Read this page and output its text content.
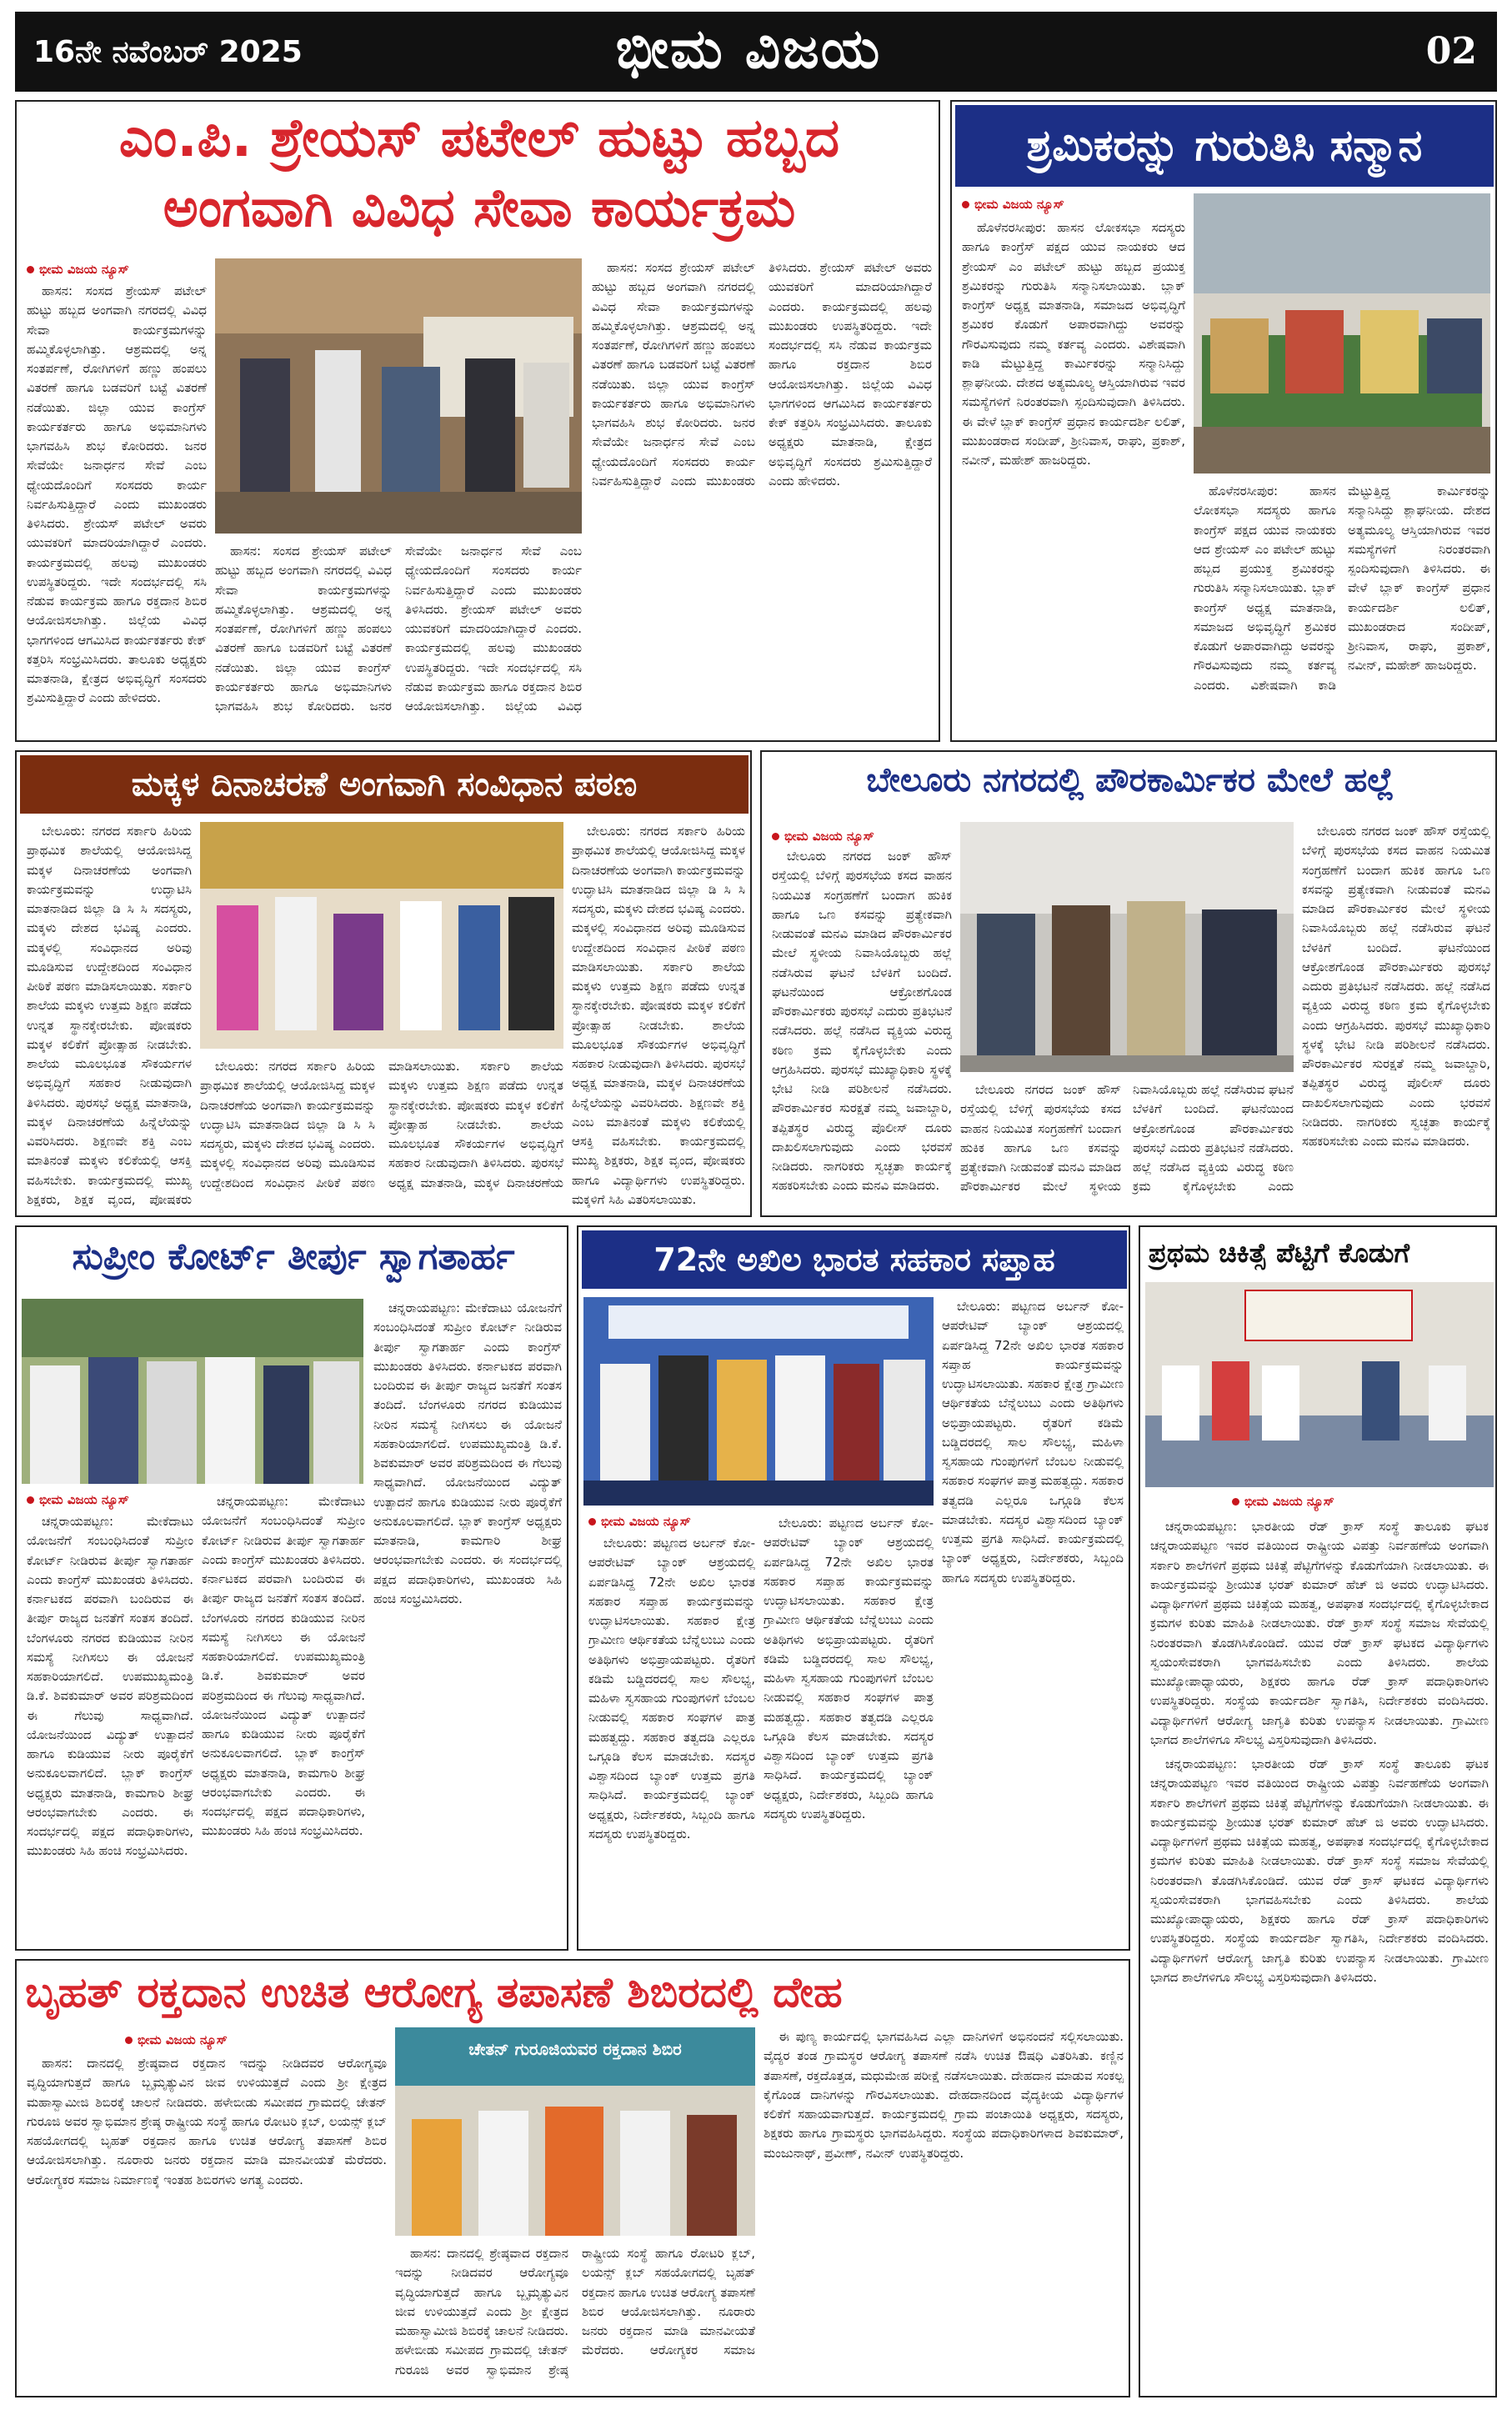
16ನೇ ನವೆಂಬರ್ 2025	ಭೀಮ ವಿಜಯ	02
ಎಂ.ಪಿ. ಶ್ರೇಯಸ್ ಪಟೇಲ್ ಹುಟ್ಟು ಹಬ್ಬದ
ಅಂಗವಾಗಿ ವಿವಿಧ ಸೇವಾ ಕಾರ್ಯಕ್ರಮ
ಭೀಮ ವಿಜಯ ನ್ಯೂಸ್

ಹಾಸನ: ಸಂಸದ ಶ್ರೇಯಸ್ ಪಟೇಲ್ ಹುಟ್ಟು ಹಬ್ಬದ ಅಂಗವಾಗಿ ನಗರದಲ್ಲಿ ವಿವಿಧ ಸೇವಾ ಕಾರ್ಯಕ್ರಮಗಳನ್ನು ಹಮ್ಮಿಕೊಳ್ಳಲಾಗಿತ್ತು. ಆಶ್ರಮದಲ್ಲಿ ಅನ್ನ ಸಂತರ್ಪಣೆ, ರೋಗಿಗಳಿಗೆ ಹಣ್ಣು ಹಂಪಲು ವಿತರಣೆ ಹಾಗೂ ಬಡವರಿಗೆ ಬಟ್ಟೆ ವಿತರಣೆ ನಡೆಯಿತು. ಜಿಲ್ಲಾ ಯುವ ಕಾಂಗ್ರೆಸ್ ಕಾರ್ಯಕರ್ತರು ಹಾಗೂ ಅಭಿಮಾನಿಗಳು ಭಾಗವಹಿಸಿ ಶುಭ ಕೋರಿದರು. ಜನರ ಸೇವೆಯೇ ಜನಾರ್ಧನ ಸೇವೆ ಎಂಬ ಧ್ಯೇಯದೊಂದಿಗೆ ಸಂಸದರು ಕಾರ್ಯ ನಿರ್ವಹಿಸುತ್ತಿದ್ದಾರೆ ಎಂದು ಮುಖಂಡರು ತಿಳಿಸಿದರು. ಶ್ರೇಯಸ್ ಪಟೇಲ್ ಅವರು ಯುವಕರಿಗೆ ಮಾದರಿಯಾಗಿದ್ದಾರೆ ಎಂದರು. ಕಾರ್ಯಕ್ರಮದಲ್ಲಿ ಹಲವು ಮುಖಂಡರು ಉಪಸ್ಥಿತರಿದ್ದರು. ಇದೇ ಸಂದರ್ಭದಲ್ಲಿ ಸಸಿ ನೆಡುವ ಕಾರ್ಯಕ್ರಮ ಹಾಗೂ ರಕ್ತದಾನ ಶಿಬಿರ ಆಯೋಜಿಸಲಾಗಿತ್ತು. ಜಿಲ್ಲೆಯ ವಿವಿಧ ಭಾಗಗಳಿಂದ ಆಗಮಿಸಿದ ಕಾರ್ಯಕರ್ತರು ಕೇಕ್ ಕತ್ತರಿಸಿ ಸಂಭ್ರಮಿಸಿದರು. ತಾಲೂಕು ಅಧ್ಯಕ್ಷರು ಮಾತನಾಡಿ, ಕ್ಷೇತ್ರದ ಅಭಿವೃದ್ಧಿಗೆ ಸಂಸದರು ಶ್ರಮಿಸುತ್ತಿದ್ದಾರೆ ಎಂದು ಹೇಳಿದರು.

ಹಾಸನ: ಸಂಸದ ಶ್ರೇಯಸ್ ಪಟೇಲ್ ಹುಟ್ಟು ಹಬ್ಬದ ಅಂಗವಾಗಿ ನಗರದಲ್ಲಿ ವಿವಿಧ ಸೇವಾ ಕಾರ್ಯಕ್ರಮಗಳನ್ನು ಹಮ್ಮಿಕೊಳ್ಳಲಾಗಿತ್ತು. ಆಶ್ರಮದಲ್ಲಿ ಅನ್ನ ಸಂತರ್ಪಣೆ, ರೋಗಿಗಳಿಗೆ ಹಣ್ಣು ಹಂಪಲು ವಿತರಣೆ ಹಾಗೂ ಬಡವರಿಗೆ ಬಟ್ಟೆ ವಿತರಣೆ ನಡೆಯಿತು. ಜಿಲ್ಲಾ ಯುವ ಕಾಂಗ್ರೆಸ್ ಕಾರ್ಯಕರ್ತರು ಹಾಗೂ ಅಭಿಮಾನಿಗಳು ಭಾಗವಹಿಸಿ ಶುಭ ಕೋರಿದರು. ಜನರ ಸೇವೆಯೇ ಜನಾರ್ಧನ ಸೇವೆ ಎಂಬ ಧ್ಯೇಯದೊಂದಿಗೆ ಸಂಸದರು ಕಾರ್ಯ ನಿರ್ವಹಿಸುತ್ತಿದ್ದಾರೆ ಎಂದು ಮುಖಂಡರು ತಿಳಿಸಿದರು. ಶ್ರೇಯಸ್ ಪಟೇಲ್ ಅವರು ಯುವಕರಿಗೆ ಮಾದರಿಯಾಗಿದ್ದಾರೆ ಎಂದರು. ಕಾರ್ಯಕ್ರಮದಲ್ಲಿ ಹಲವು ಮುಖಂಡರು ಉಪಸ್ಥಿತರಿದ್ದರು. ಇದೇ ಸಂದರ್ಭದಲ್ಲಿ ಸಸಿ ನೆಡುವ ಕಾರ್ಯಕ್ರಮ ಹಾಗೂ ರಕ್ತದಾನ ಶಿಬಿರ ಆಯೋಜಿಸಲಾಗಿತ್ತು. ಜಿಲ್ಲೆಯ ವಿವಿಧ

ಹಾಸನ: ಸಂಸದ ಶ್ರೇಯಸ್ ಪಟೇಲ್ ಹುಟ್ಟು ಹಬ್ಬದ ಅಂಗವಾಗಿ ನಗರದಲ್ಲಿ ವಿವಿಧ ಸೇವಾ ಕಾರ್ಯಕ್ರಮಗಳನ್ನು ಹಮ್ಮಿಕೊಳ್ಳಲಾಗಿತ್ತು. ಆಶ್ರಮದಲ್ಲಿ ಅನ್ನ ಸಂತರ್ಪಣೆ, ರೋಗಿಗಳಿಗೆ ಹಣ್ಣು ಹಂಪಲು ವಿತರಣೆ ಹಾಗೂ ಬಡವರಿಗೆ ಬಟ್ಟೆ ವಿತರಣೆ ನಡೆಯಿತು. ಜಿಲ್ಲಾ ಯುವ ಕಾಂಗ್ರೆಸ್ ಕಾರ್ಯಕರ್ತರು ಹಾಗೂ ಅಭಿಮಾನಿಗಳು ಭಾಗವಹಿಸಿ ಶುಭ ಕೋರಿದರು. ಜನರ ಸೇವೆಯೇ ಜನಾರ್ಧನ ಸೇವೆ ಎಂಬ ಧ್ಯೇಯದೊಂದಿಗೆ ಸಂಸದರು ಕಾರ್ಯ ನಿರ್ವಹಿಸುತ್ತಿದ್ದಾರೆ ಎಂದು ಮುಖಂಡರು ತಿಳಿಸಿದರು. ಶ್ರೇಯಸ್ ಪಟೇಲ್ ಅವರು ಯುವಕರಿಗೆ ಮಾದರಿಯಾಗಿದ್ದಾರೆ ಎಂದರು. ಕಾರ್ಯಕ್ರಮದಲ್ಲಿ ಹಲವು ಮುಖಂಡರು ಉಪಸ್ಥಿತರಿದ್ದರು. ಇದೇ ಸಂದರ್ಭದಲ್ಲಿ ಸಸಿ ನೆಡುವ ಕಾರ್ಯಕ್ರಮ ಹಾಗೂ ರಕ್ತದಾನ ಶಿಬಿರ ಆಯೋಜಿಸಲಾಗಿತ್ತು. ಜಿಲ್ಲೆಯ ವಿವಿಧ ಭಾಗಗಳಿಂದ ಆಗಮಿಸಿದ ಕಾರ್ಯಕರ್ತರು ಕೇಕ್ ಕತ್ತರಿಸಿ ಸಂಭ್ರಮಿಸಿದರು. ತಾಲೂಕು ಅಧ್ಯಕ್ಷರು ಮಾತನಾಡಿ, ಕ್ಷೇತ್ರದ ಅಭಿವೃದ್ಧಿಗೆ ಸಂಸದರು ಶ್ರಮಿಸುತ್ತಿದ್ದಾರೆ ಎಂದು ಹೇಳಿದರು.

ಶ್ರಮಿಕರನ್ನು ಗುರುತಿಸಿ ಸನ್ಮಾನ
ಭೀಮ ವಿಜಯ ನ್ಯೂಸ್

ಹೊಳೆನರಸೀಪುರ: ಹಾಸನ ಲೋಕಸಭಾ ಸದಸ್ಯರು ಹಾಗೂ ಕಾಂಗ್ರೆಸ್ ಪಕ್ಷದ ಯುವ ನಾಯಕರು ಆದ ಶ್ರೇಯಸ್ ಎಂ ಪಟೇಲ್ ಹುಟ್ಟು ಹಬ್ಬದ ಪ್ರಯುಕ್ತ ಶ್ರಮಿಕರನ್ನು ಗುರುತಿಸಿ ಸನ್ಮಾನಿಸಲಾಯಿತು. ಬ್ಲಾಕ್ ಕಾಂಗ್ರೆಸ್ ಅಧ್ಯಕ್ಷ ಮಾತನಾಡಿ, ಸಮಾಜದ ಅಭಿವೃದ್ಧಿಗೆ ಶ್ರಮಿಕರ ಕೊಡುಗೆ ಅಪಾರವಾಗಿದ್ದು ಅವರನ್ನು ಗೌರವಿಸುವುದು ನಮ್ಮ ಕರ್ತವ್ಯ ಎಂದರು. ವಿಶೇಷವಾಗಿ ಕಾಡಿ ಮೆಟ್ಟುತ್ತಿದ್ದ ಕಾರ್ಮಿಕರನ್ನು ಸನ್ಮಾನಿಸಿದ್ದು ಶ್ಲಾಘನೀಯ. ದೇಶದ ಅತ್ಯಮೂಲ್ಯ ಆಸ್ತಿಯಾಗಿರುವ ಇವರ ಸಮಸ್ಯೆಗಳಿಗೆ ನಿರಂತರವಾಗಿ ಸ್ಪಂದಿಸುವುದಾಗಿ ತಿಳಿಸಿದರು. ಈ ವೇಳೆ ಬ್ಲಾಕ್ ಕಾಂಗ್ರೆಸ್ ಪ್ರಧಾನ ಕಾರ್ಯದರ್ಶಿ ಲಲಿತ್, ಮುಖಂಡರಾದ ಸಂದೀಪ್, ಶ್ರೀನಿವಾಸ, ರಾಘು, ಪ್ರಕಾಶ್, ನವೀನ್, ಮಹೇಶ್ ಹಾಜರಿದ್ದರು.

ಹೊಳೆನರಸೀಪುರ: ಹಾಸನ ಲೋಕಸಭಾ ಸದಸ್ಯರು ಹಾಗೂ ಕಾಂಗ್ರೆಸ್ ಪಕ್ಷದ ಯುವ ನಾಯಕರು ಆದ ಶ್ರೇಯಸ್ ಎಂ ಪಟೇಲ್ ಹುಟ್ಟು ಹಬ್ಬದ ಪ್ರಯುಕ್ತ ಶ್ರಮಿಕರನ್ನು ಗುರುತಿಸಿ ಸನ್ಮಾನಿಸಲಾಯಿತು. ಬ್ಲಾಕ್ ಕಾಂಗ್ರೆಸ್ ಅಧ್ಯಕ್ಷ ಮಾತನಾಡಿ, ಸಮಾಜದ ಅಭಿವೃದ್ಧಿಗೆ ಶ್ರಮಿಕರ ಕೊಡುಗೆ ಅಪಾರವಾಗಿದ್ದು ಅವರನ್ನು ಗೌರವಿಸುವುದು ನಮ್ಮ ಕರ್ತವ್ಯ ಎಂದರು. ವಿಶೇಷವಾಗಿ ಕಾಡಿ ಮೆಟ್ಟುತ್ತಿದ್ದ ಕಾರ್ಮಿಕರನ್ನು ಸನ್ಮಾನಿಸಿದ್ದು ಶ್ಲಾಘನೀಯ. ದೇಶದ ಅತ್ಯಮೂಲ್ಯ ಆಸ್ತಿಯಾಗಿರುವ ಇವರ ಸಮಸ್ಯೆಗಳಿಗೆ ನಿರಂತರವಾಗಿ ಸ್ಪಂದಿಸುವುದಾಗಿ ತಿಳಿಸಿದರು. ಈ ವೇಳೆ ಬ್ಲಾಕ್ ಕಾಂಗ್ರೆಸ್ ಪ್ರಧಾನ ಕಾರ್ಯದರ್ಶಿ ಲಲಿತ್, ಮುಖಂಡರಾದ ಸಂದೀಪ್, ಶ್ರೀನಿವಾಸ, ರಾಘು, ಪ್ರಕಾಶ್, ನವೀನ್, ಮಹೇಶ್ ಹಾಜರಿದ್ದರು.

ಮಕ್ಕಳ ದಿನಾಚರಣೆ ಅಂಗವಾಗಿ ಸಂವಿಧಾನ ಪಠಣ

ಬೇಲೂರು: ನಗರದ ಸರ್ಕಾರಿ ಹಿರಿಯ ಪ್ರಾಥಮಿಕ ಶಾಲೆಯಲ್ಲಿ ಆಯೋಜಿಸಿದ್ದ ಮಕ್ಕಳ ದಿನಾಚರಣೆಯ ಅಂಗವಾಗಿ ಕಾರ್ಯಕ್ರಮವನ್ನು ಉದ್ಘಾಟಿಸಿ ಮಾತನಾಡಿದ ಜಿಲ್ಲಾ ಡಿ ಸಿ ಸಿ ಸದಸ್ಯರು, ಮಕ್ಕಳು ದೇಶದ ಭವಿಷ್ಯ ಎಂದರು. ಮಕ್ಕಳಲ್ಲಿ ಸಂವಿಧಾನದ ಅರಿವು ಮೂಡಿಸುವ ಉದ್ದೇಶದಿಂದ ಸಂವಿಧಾನ ಪೀಠಿಕೆ ಪಠಣ ಮಾಡಿಸಲಾಯಿತು. ಸರ್ಕಾರಿ ಶಾಲೆಯ ಮಕ್ಕಳು ಉತ್ತಮ ಶಿಕ್ಷಣ ಪಡೆದು ಉನ್ನತ ಸ್ಥಾನಕ್ಕೇರಬೇಕು. ಪೋಷಕರು ಮಕ್ಕಳ ಕಲಿಕೆಗೆ ಪ್ರೋತ್ಸಾಹ ನೀಡಬೇಕು. ಶಾಲೆಯ ಮೂಲಭೂತ ಸೌಕರ್ಯಗಳ ಅಭಿವೃದ್ಧಿಗೆ ಸಹಕಾರ ನೀಡುವುದಾಗಿ ತಿಳಿಸಿದರು. ಪುರಸಭೆ ಅಧ್ಯಕ್ಷ ಮಾತನಾಡಿ, ಮಕ್ಕಳ ದಿನಾಚರಣೆಯ ಹಿನ್ನೆಲೆಯನ್ನು ವಿವರಿಸಿದರು. ಶಿಕ್ಷಣವೇ ಶಕ್ತಿ ಎಂಬ ಮಾತಿನಂತೆ ಮಕ್ಕಳು ಕಲಿಕೆಯಲ್ಲಿ ಆಸಕ್ತಿ ವಹಿಸಬೇಕು. ಕಾರ್ಯಕ್ರಮದಲ್ಲಿ ಮುಖ್ಯ ಶಿಕ್ಷಕರು, ಶಿಕ್ಷಕ ವೃಂದ, ಪೋಷಕರು

ಬೇಲೂರು: ನಗರದ ಸರ್ಕಾರಿ ಹಿರಿಯ ಪ್ರಾಥಮಿಕ ಶಾಲೆಯಲ್ಲಿ ಆಯೋಜಿಸಿದ್ದ ಮಕ್ಕಳ ದಿನಾಚರಣೆಯ ಅಂಗವಾಗಿ ಕಾರ್ಯಕ್ರಮವನ್ನು ಉದ್ಘಾಟಿಸಿ ಮಾತನಾಡಿದ ಜಿಲ್ಲಾ ಡಿ ಸಿ ಸಿ ಸದಸ್ಯರು, ಮಕ್ಕಳು ದೇಶದ ಭವಿಷ್ಯ ಎಂದರು. ಮಕ್ಕಳಲ್ಲಿ ಸಂವಿಧಾನದ ಅರಿವು ಮೂಡಿಸುವ ಉದ್ದೇಶದಿಂದ ಸಂವಿಧಾನ ಪೀಠಿಕೆ ಪಠಣ ಮಾಡಿಸಲಾಯಿತು. ಸರ್ಕಾರಿ ಶಾಲೆಯ ಮಕ್ಕಳು ಉತ್ತಮ ಶಿಕ್ಷಣ ಪಡೆದು ಉನ್ನತ ಸ್ಥಾನಕ್ಕೇರಬೇಕು. ಪೋಷಕರು ಮಕ್ಕಳ ಕಲಿಕೆಗೆ ಪ್ರೋತ್ಸಾಹ ನೀಡಬೇಕು. ಶಾಲೆಯ ಮೂಲಭೂತ ಸೌಕರ್ಯಗಳ ಅಭಿವೃದ್ಧಿಗೆ ಸಹಕಾರ ನೀಡುವುದಾಗಿ ತಿಳಿಸಿದರು. ಪುರಸಭೆ ಅಧ್ಯಕ್ಷ ಮಾತನಾಡಿ, ಮಕ್ಕಳ ದಿನಾಚರಣೆಯ

ಬೇಲೂರು: ನಗರದ ಸರ್ಕಾರಿ ಹಿರಿಯ ಪ್ರಾಥಮಿಕ ಶಾಲೆಯಲ್ಲಿ ಆಯೋಜಿಸಿದ್ದ ಮಕ್ಕಳ ದಿನಾಚರಣೆಯ ಅಂಗವಾಗಿ ಕಾರ್ಯಕ್ರಮವನ್ನು ಉದ್ಘಾಟಿಸಿ ಮಾತನಾಡಿದ ಜಿಲ್ಲಾ ಡಿ ಸಿ ಸಿ ಸದಸ್ಯರು, ಮಕ್ಕಳು ದೇಶದ ಭವಿಷ್ಯ ಎಂದರು. ಮಕ್ಕಳಲ್ಲಿ ಸಂವಿಧಾನದ ಅರಿವು ಮೂಡಿಸುವ ಉದ್ದೇಶದಿಂದ ಸಂವಿಧಾನ ಪೀಠಿಕೆ ಪಠಣ ಮಾಡಿಸಲಾಯಿತು. ಸರ್ಕಾರಿ ಶಾಲೆಯ ಮಕ್ಕಳು ಉತ್ತಮ ಶಿಕ್ಷಣ ಪಡೆದು ಉನ್ನತ ಸ್ಥಾನಕ್ಕೇರಬೇಕು. ಪೋಷಕರು ಮಕ್ಕಳ ಕಲಿಕೆಗೆ ಪ್ರೋತ್ಸಾಹ ನೀಡಬೇಕು. ಶಾಲೆಯ ಮೂಲಭೂತ ಸೌಕರ್ಯಗಳ ಅಭಿವೃದ್ಧಿಗೆ ಸಹಕಾರ ನೀಡುವುದಾಗಿ ತಿಳಿಸಿದರು. ಪುರಸಭೆ ಅಧ್ಯಕ್ಷ ಮಾತನಾಡಿ, ಮಕ್ಕಳ ದಿನಾಚರಣೆಯ ಹಿನ್ನೆಲೆಯನ್ನು ವಿವರಿಸಿದರು. ಶಿಕ್ಷಣವೇ ಶಕ್ತಿ ಎಂಬ ಮಾತಿನಂತೆ ಮಕ್ಕಳು ಕಲಿಕೆಯಲ್ಲಿ ಆಸಕ್ತಿ ವಹಿಸಬೇಕು. ಕಾರ್ಯಕ್ರಮದಲ್ಲಿ ಮುಖ್ಯ ಶಿಕ್ಷಕರು, ಶಿಕ್ಷಕ ವೃಂದ, ಪೋಷಕರು ಹಾಗೂ ವಿದ್ಯಾರ್ಥಿಗಳು ಉಪಸ್ಥಿತರಿದ್ದರು. ಮಕ್ಕಳಿಗೆ ಸಿಹಿ ವಿತರಿಸಲಾಯಿತು.

ಬೇಲೂರು ನಗರದಲ್ಲಿ ಪೌರಕಾರ್ಮಿಕರ ಮೇಲೆ ಹಲ್ಲೆ
ಭೀಮ ವಿಜಯ ನ್ಯೂಸ್

ಬೇಲೂರು ನಗರದ ಜಂಕ್ ಹೌಸ್ ರಸ್ತೆಯಲ್ಲಿ ಬೆಳಿಗ್ಗೆ ಪುರಸಭೆಯ ಕಸದ ವಾಹನ ನಿಯಮಿತ ಸಂಗ್ರಹಣೆಗೆ ಬಂದಾಗ ಹುಕಿಕ ಹಾಗೂ ಒಣ ಕಸವನ್ನು ಪ್ರತ್ಯೇಕವಾಗಿ ನೀಡುವಂತೆ ಮನವಿ ಮಾಡಿದ ಪೌರಕಾರ್ಮಿಕರ ಮೇಲೆ ಸ್ಥಳೀಯ ನಿವಾಸಿಯೊಬ್ಬರು ಹಲ್ಲೆ ನಡೆಸಿರುವ ಘಟನೆ ಬೆಳಕಿಗೆ ಬಂದಿದೆ. ಘಟನೆಯಿಂದ ಆಕ್ರೋಶಗೊಂಡ ಪೌರಕಾರ್ಮಿಕರು ಪುರಸಭೆ ಎದುರು ಪ್ರತಿಭಟನೆ ನಡೆಸಿದರು. ಹಲ್ಲೆ ನಡೆಸಿದ ವ್ಯಕ್ತಿಯ ವಿರುದ್ಧ ಕಠಿಣ ಕ್ರಮ ಕೈಗೊಳ್ಳಬೇಕು ಎಂದು ಆಗ್ರಹಿಸಿದರು. ಪುರಸಭೆ ಮುಖ್ಯಾಧಿಕಾರಿ ಸ್ಥಳಕ್ಕೆ ಭೇಟಿ ನೀಡಿ ಪರಿಶೀಲನೆ ನಡೆಸಿದರು. ಪೌರಕಾರ್ಮಿಕರ ಸುರಕ್ಷತೆ ನಮ್ಮ ಜವಾಬ್ದಾರಿ, ತಪ್ಪಿತಸ್ಥರ ವಿರುದ್ಧ ಪೊಲೀಸ್ ದೂರು ದಾಖಲಿಸಲಾಗುವುದು ಎಂದು ಭರವಸೆ ನೀಡಿದರು. ನಾಗರಿಕರು ಸ್ವಚ್ಛತಾ ಕಾರ್ಯಕ್ಕೆ ಸಹಕರಿಸಬೇಕು ಎಂದು ಮನವಿ ಮಾಡಿದರು.

ಬೇಲೂರು ನಗರದ ಜಂಕ್ ಹೌಸ್ ರಸ್ತೆಯಲ್ಲಿ ಬೆಳಿಗ್ಗೆ ಪುರಸಭೆಯ ಕಸದ ವಾಹನ ನಿಯಮಿತ ಸಂಗ್ರಹಣೆಗೆ ಬಂದಾಗ ಹುಕಿಕ ಹಾಗೂ ಒಣ ಕಸವನ್ನು ಪ್ರತ್ಯೇಕವಾಗಿ ನೀಡುವಂತೆ ಮನವಿ ಮಾಡಿದ ಪೌರಕಾರ್ಮಿಕರ ಮೇಲೆ ಸ್ಥಳೀಯ ನಿವಾಸಿಯೊಬ್ಬರು ಹಲ್ಲೆ ನಡೆಸಿರುವ ಘಟನೆ ಬೆಳಕಿಗೆ ಬಂದಿದೆ. ಘಟನೆಯಿಂದ ಆಕ್ರೋಶಗೊಂಡ ಪೌರಕಾರ್ಮಿಕರು ಪುರಸಭೆ ಎದುರು ಪ್ರತಿಭಟನೆ ನಡೆಸಿದರು. ಹಲ್ಲೆ ನಡೆಸಿದ ವ್ಯಕ್ತಿಯ ವಿರುದ್ಧ ಕಠಿಣ ಕ್ರಮ ಕೈಗೊಳ್ಳಬೇಕು ಎಂದು

ಬೇಲೂರು ನಗರದ ಜಂಕ್ ಹೌಸ್ ರಸ್ತೆಯಲ್ಲಿ ಬೆಳಿಗ್ಗೆ ಪುರಸಭೆಯ ಕಸದ ವಾಹನ ನಿಯಮಿತ ಸಂಗ್ರಹಣೆಗೆ ಬಂದಾಗ ಹುಕಿಕ ಹಾಗೂ ಒಣ ಕಸವನ್ನು ಪ್ರತ್ಯೇಕವಾಗಿ ನೀಡುವಂತೆ ಮನವಿ ಮಾಡಿದ ಪೌರಕಾರ್ಮಿಕರ ಮೇಲೆ ಸ್ಥಳೀಯ ನಿವಾಸಿಯೊಬ್ಬರು ಹಲ್ಲೆ ನಡೆಸಿರುವ ಘಟನೆ ಬೆಳಕಿಗೆ ಬಂದಿದೆ. ಘಟನೆಯಿಂದ ಆಕ್ರೋಶಗೊಂಡ ಪೌರಕಾರ್ಮಿಕರು ಪುರಸಭೆ ಎದುರು ಪ್ರತಿಭಟನೆ ನಡೆಸಿದರು. ಹಲ್ಲೆ ನಡೆಸಿದ ವ್ಯಕ್ತಿಯ ವಿರುದ್ಧ ಕಠಿಣ ಕ್ರಮ ಕೈಗೊಳ್ಳಬೇಕು ಎಂದು ಆಗ್ರಹಿಸಿದರು. ಪುರಸಭೆ ಮುಖ್ಯಾಧಿಕಾರಿ ಸ್ಥಳಕ್ಕೆ ಭೇಟಿ ನೀಡಿ ಪರಿಶೀಲನೆ ನಡೆಸಿದರು. ಪೌರಕಾರ್ಮಿಕರ ಸುರಕ್ಷತೆ ನಮ್ಮ ಜವಾಬ್ದಾರಿ, ತಪ್ಪಿತಸ್ಥರ ವಿರುದ್ಧ ಪೊಲೀಸ್ ದೂರು ದಾಖಲಿಸಲಾಗುವುದು ಎಂದು ಭರವಸೆ ನೀಡಿದರು. ನಾಗರಿಕರು ಸ್ವಚ್ಛತಾ ಕಾರ್ಯಕ್ಕೆ ಸಹಕರಿಸಬೇಕು ಎಂದು ಮನವಿ ಮಾಡಿದರು.

ಸುಪ್ರೀಂ ಕೋರ್ಟ್ ತೀರ್ಪು ಸ್ವಾಗತಾರ್ಹ
ಭೀಮ ವಿಜಯ ನ್ಯೂಸ್

ಚನ್ನರಾಯಪಟ್ಟಣ: ಮೇಕೆದಾಟು ಯೋಜನೆಗೆ ಸಂಬಂಧಿಸಿದಂತೆ ಸುಪ್ರೀಂ ಕೋರ್ಟ್ ನೀಡಿರುವ ತೀರ್ಪು ಸ್ವಾಗತಾರ್ಹ ಎಂದು ಕಾಂಗ್ರೆಸ್ ಮುಖಂಡರು ತಿಳಿಸಿದರು. ಕರ್ನಾಟಕದ ಪರವಾಗಿ ಬಂದಿರುವ ಈ ತೀರ್ಪು ರಾಜ್ಯದ ಜನತೆಗೆ ಸಂತಸ ತಂದಿದೆ. ಬೆಂಗಳೂರು ನಗರದ ಕುಡಿಯುವ ನೀರಿನ ಸಮಸ್ಯೆ ನೀಗಿಸಲು ಈ ಯೋಜನೆ ಸಹಕಾರಿಯಾಗಲಿದೆ. ಉಪಮುಖ್ಯಮಂತ್ರಿ ಡಿ.ಕೆ. ಶಿವಕುಮಾರ್ ಅವರ ಪರಿಶ್ರಮದಿಂದ ಈ ಗೆಲುವು ಸಾಧ್ಯವಾಗಿದೆ. ಯೋಜನೆಯಿಂದ ವಿದ್ಯುತ್ ಉತ್ಪಾದನೆ ಹಾಗೂ ಕುಡಿಯುವ ನೀರು ಪೂರೈಕೆಗೆ ಅನುಕೂಲವಾಗಲಿದೆ. ಬ್ಲಾಕ್ ಕಾಂಗ್ರೆಸ್ ಅಧ್ಯಕ್ಷರು ಮಾತನಾಡಿ, ಕಾಮಗಾರಿ ಶೀಘ್ರ ಆರಂಭವಾಗಬೇಕು ಎಂದರು. ಈ ಸಂದರ್ಭದಲ್ಲಿ ಪಕ್ಷದ ಪದಾಧಿಕಾರಿಗಳು, ಮುಖಂಡರು ಸಿಹಿ ಹಂಚಿ ಸಂಭ್ರಮಿಸಿದರು.

ಚನ್ನರಾಯಪಟ್ಟಣ: ಮೇಕೆದಾಟು ಯೋಜನೆಗೆ ಸಂಬಂಧಿಸಿದಂತೆ ಸುಪ್ರೀಂ ಕೋರ್ಟ್ ನೀಡಿರುವ ತೀರ್ಪು ಸ್ವಾಗತಾರ್ಹ ಎಂದು ಕಾಂಗ್ರೆಸ್ ಮುಖಂಡರು ತಿಳಿಸಿದರು. ಕರ್ನಾಟಕದ ಪರವಾಗಿ ಬಂದಿರುವ ಈ ತೀರ್ಪು ರಾಜ್ಯದ ಜನತೆಗೆ ಸಂತಸ ತಂದಿದೆ. ಬೆಂಗಳೂರು ನಗರದ ಕುಡಿಯುವ ನೀರಿನ ಸಮಸ್ಯೆ ನೀಗಿಸಲು ಈ ಯೋಜನೆ ಸಹಕಾರಿಯಾಗಲಿದೆ. ಉಪಮುಖ್ಯಮಂತ್ರಿ ಡಿ.ಕೆ. ಶಿವಕುಮಾರ್ ಅವರ ಪರಿಶ್ರಮದಿಂದ ಈ ಗೆಲುವು ಸಾಧ್ಯವಾಗಿದೆ. ಯೋಜನೆಯಿಂದ ವಿದ್ಯುತ್ ಉತ್ಪಾದನೆ ಹಾಗೂ ಕುಡಿಯುವ ನೀರು ಪೂರೈಕೆಗೆ ಅನುಕೂಲವಾಗಲಿದೆ. ಬ್ಲಾಕ್ ಕಾಂಗ್ರೆಸ್ ಅಧ್ಯಕ್ಷರು ಮಾತನಾಡಿ, ಕಾಮಗಾರಿ ಶೀಘ್ರ ಆರಂಭವಾಗಬೇಕು ಎಂದರು. ಈ ಸಂದರ್ಭದಲ್ಲಿ ಪಕ್ಷದ ಪದಾಧಿಕಾರಿಗಳು, ಮುಖಂಡರು ಸಿಹಿ ಹಂಚಿ ಸಂಭ್ರಮಿಸಿದರು.

ಚನ್ನರಾಯಪಟ್ಟಣ: ಮೇಕೆದಾಟು ಯೋಜನೆಗೆ ಸಂಬಂಧಿಸಿದಂತೆ ಸುಪ್ರೀಂ ಕೋರ್ಟ್ ನೀಡಿರುವ ತೀರ್ಪು ಸ್ವಾಗತಾರ್ಹ ಎಂದು ಕಾಂಗ್ರೆಸ್ ಮುಖಂಡರು ತಿಳಿಸಿದರು. ಕರ್ನಾಟಕದ ಪರವಾಗಿ ಬಂದಿರುವ ಈ ತೀರ್ಪು ರಾಜ್ಯದ ಜನತೆಗೆ ಸಂತಸ ತಂದಿದೆ. ಬೆಂಗಳೂರು ನಗರದ ಕುಡಿಯುವ ನೀರಿನ ಸಮಸ್ಯೆ ನೀಗಿಸಲು ಈ ಯೋಜನೆ ಸಹಕಾರಿಯಾಗಲಿದೆ. ಉಪಮುಖ್ಯಮಂತ್ರಿ ಡಿ.ಕೆ. ಶಿವಕುಮಾರ್ ಅವರ ಪರಿಶ್ರಮದಿಂದ ಈ ಗೆಲುವು ಸಾಧ್ಯವಾಗಿದೆ. ಯೋಜನೆಯಿಂದ ವಿದ್ಯುತ್ ಉತ್ಪಾದನೆ ಹಾಗೂ ಕುಡಿಯುವ ನೀರು ಪೂರೈಕೆಗೆ ಅನುಕೂಲವಾಗಲಿದೆ. ಬ್ಲಾಕ್ ಕಾಂಗ್ರೆಸ್ ಅಧ್ಯಕ್ಷರು ಮಾತನಾಡಿ, ಕಾಮಗಾರಿ ಶೀಘ್ರ ಆರಂಭವಾಗಬೇಕು ಎಂದರು. ಈ ಸಂದರ್ಭದಲ್ಲಿ ಪಕ್ಷದ ಪದಾಧಿಕಾರಿಗಳು, ಮುಖಂಡರು ಸಿಹಿ ಹಂಚಿ ಸಂಭ್ರಮಿಸಿದರು.

72ನೇ ಅಖಿಲ ಭಾರತ ಸಹಕಾರ ಸಪ್ತಾಹ
ಭೀಮ ವಿಜಯ ನ್ಯೂಸ್

ಬೇಲೂರು: ಪಟ್ಟಣದ ಅರ್ಬನ್ ಕೋ-ಆಪರೇಟಿವ್ ಬ್ಯಾಂಕ್ ಆಶ್ರಯದಲ್ಲಿ ಏರ್ಪಡಿಸಿದ್ದ 72ನೇ ಅಖಿಲ ಭಾರತ ಸಹಕಾರ ಸಪ್ತಾಹ ಕಾರ್ಯಕ್ರಮವನ್ನು ಉದ್ಘಾಟಿಸಲಾಯಿತು. ಸಹಕಾರ ಕ್ಷೇತ್ರ ಗ್ರಾಮೀಣ ಆರ್ಥಿಕತೆಯ ಬೆನ್ನೆಲುಬು ಎಂದು ಅತಿಥಿಗಳು ಅಭಿಪ್ರಾಯಪಟ್ಟರು. ರೈತರಿಗೆ ಕಡಿಮೆ ಬಡ್ಡಿದರದಲ್ಲಿ ಸಾಲ ಸೌಲಭ್ಯ, ಮಹಿಳಾ ಸ್ವಸಹಾಯ ಗುಂಪುಗಳಿಗೆ ಬೆಂಬಲ ನೀಡುವಲ್ಲಿ ಸಹಕಾರ ಸಂಘಗಳ ಪಾತ್ರ ಮಹತ್ವದ್ದು. ಸಹಕಾರ ತತ್ವದಡಿ ಎಲ್ಲರೂ ಒಗ್ಗೂಡಿ ಕೆಲಸ ಮಾಡಬೇಕು. ಸದಸ್ಯರ ವಿಶ್ವಾಸದಿಂದ ಬ್ಯಾಂಕ್ ಉತ್ತಮ ಪ್ರಗತಿ ಸಾಧಿಸಿದೆ. ಕಾರ್ಯಕ್ರಮದಲ್ಲಿ ಬ್ಯಾಂಕ್ ಅಧ್ಯಕ್ಷರು, ನಿರ್ದೇಶಕರು, ಸಿಬ್ಬಂದಿ ಹಾಗೂ ಸದಸ್ಯರು ಉಪಸ್ಥಿತರಿದ್ದರು.

ಬೇಲೂರು: ಪಟ್ಟಣದ ಅರ್ಬನ್ ಕೋ-ಆಪರೇಟಿವ್ ಬ್ಯಾಂಕ್ ಆಶ್ರಯದಲ್ಲಿ ಏರ್ಪಡಿಸಿದ್ದ 72ನೇ ಅಖಿಲ ಭಾರತ ಸಹಕಾರ ಸಪ್ತಾಹ ಕಾರ್ಯಕ್ರಮವನ್ನು ಉದ್ಘಾಟಿಸಲಾಯಿತು. ಸಹಕಾರ ಕ್ಷೇತ್ರ ಗ್ರಾಮೀಣ ಆರ್ಥಿಕತೆಯ ಬೆನ್ನೆಲುಬು ಎಂದು ಅತಿಥಿಗಳು ಅಭಿಪ್ರಾಯಪಟ್ಟರು. ರೈತರಿಗೆ ಕಡಿಮೆ ಬಡ್ಡಿದರದಲ್ಲಿ ಸಾಲ ಸೌಲಭ್ಯ, ಮಹಿಳಾ ಸ್ವಸಹಾಯ ಗುಂಪುಗಳಿಗೆ ಬೆಂಬಲ ನೀಡುವಲ್ಲಿ ಸಹಕಾರ ಸಂಘಗಳ ಪಾತ್ರ ಮಹತ್ವದ್ದು. ಸಹಕಾರ ತತ್ವದಡಿ ಎಲ್ಲರೂ ಒಗ್ಗೂಡಿ ಕೆಲಸ ಮಾಡಬೇಕು. ಸದಸ್ಯರ ವಿಶ್ವಾಸದಿಂದ ಬ್ಯಾಂಕ್ ಉತ್ತಮ ಪ್ರಗತಿ ಸಾಧಿಸಿದೆ. ಕಾರ್ಯಕ್ರಮದಲ್ಲಿ ಬ್ಯಾಂಕ್ ಅಧ್ಯಕ್ಷರು, ನಿರ್ದೇಶಕರು, ಸಿಬ್ಬಂದಿ ಹಾಗೂ ಸದಸ್ಯರು ಉಪಸ್ಥಿತರಿದ್ದರು.

ಬೇಲೂರು: ಪಟ್ಟಣದ ಅರ್ಬನ್ ಕೋ-ಆಪರೇಟಿವ್ ಬ್ಯಾಂಕ್ ಆಶ್ರಯದಲ್ಲಿ ಏರ್ಪಡಿಸಿದ್ದ 72ನೇ ಅಖಿಲ ಭಾರತ ಸಹಕಾರ ಸಪ್ತಾಹ ಕಾರ್ಯಕ್ರಮವನ್ನು ಉದ್ಘಾಟಿಸಲಾಯಿತು. ಸಹಕಾರ ಕ್ಷೇತ್ರ ಗ್ರಾಮೀಣ ಆರ್ಥಿಕತೆಯ ಬೆನ್ನೆಲುಬು ಎಂದು ಅತಿಥಿಗಳು ಅಭಿಪ್ರಾಯಪಟ್ಟರು. ರೈತರಿಗೆ ಕಡಿಮೆ ಬಡ್ಡಿದರದಲ್ಲಿ ಸಾಲ ಸೌಲಭ್ಯ, ಮಹಿಳಾ ಸ್ವಸಹಾಯ ಗುಂಪುಗಳಿಗೆ ಬೆಂಬಲ ನೀಡುವಲ್ಲಿ ಸಹಕಾರ ಸಂಘಗಳ ಪಾತ್ರ ಮಹತ್ವದ್ದು. ಸಹಕಾರ ತತ್ವದಡಿ ಎಲ್ಲರೂ ಒಗ್ಗೂಡಿ ಕೆಲಸ ಮಾಡಬೇಕು. ಸದಸ್ಯರ ವಿಶ್ವಾಸದಿಂದ ಬ್ಯಾಂಕ್ ಉತ್ತಮ ಪ್ರಗತಿ ಸಾಧಿಸಿದೆ. ಕಾರ್ಯಕ್ರಮದಲ್ಲಿ ಬ್ಯಾಂಕ್ ಅಧ್ಯಕ್ಷರು, ನಿರ್ದೇಶಕರು, ಸಿಬ್ಬಂದಿ ಹಾಗೂ ಸದಸ್ಯರು ಉಪಸ್ಥಿತರಿದ್ದರು.

ಪ್ರಥಮ ಚಿಕಿತ್ಸೆ ಪೆಟ್ಟಿಗೆ ಕೊಡುಗೆ
ಭೀಮ ವಿಜಯ ನ್ಯೂಸ್

ಚನ್ನರಾಯಪಟ್ಟಣ: ಭಾರತೀಯ ರೆಡ್ ಕ್ರಾಸ್ ಸಂಸ್ಥೆ ತಾಲೂಕು ಘಟಕ ಚನ್ನರಾಯಪಟ್ಟಣ ಇವರ ವತಿಯಿಂದ ರಾಷ್ಟ್ರೀಯ ವಿಪತ್ತು ನಿರ್ವಹಣೆಯ ಅಂಗವಾಗಿ ಸರ್ಕಾರಿ ಶಾಲೆಗಳಿಗೆ ಪ್ರಥಮ ಚಿಕಿತ್ಸೆ ಪೆಟ್ಟಿಗೆಗಳನ್ನು ಕೊಡುಗೆಯಾಗಿ ನೀಡಲಾಯಿತು. ಈ ಕಾರ್ಯಕ್ರಮವನ್ನು ಶ್ರೀಯುತ ಭರತ್ ಕುಮಾರ್ ಹೆಚ್ ಜಿ ಅವರು ಉದ್ಘಾಟಿಸಿದರು. ವಿದ್ಯಾರ್ಥಿಗಳಿಗೆ ಪ್ರಥಮ ಚಿಕಿತ್ಸೆಯ ಮಹತ್ವ, ಅಪಘಾತ ಸಂದರ್ಭದಲ್ಲಿ ಕೈಗೊಳ್ಳಬೇಕಾದ ಕ್ರಮಗಳ ಕುರಿತು ಮಾಹಿತಿ ನೀಡಲಾಯಿತು. ರೆಡ್ ಕ್ರಾಸ್ ಸಂಸ್ಥೆ ಸಮಾಜ ಸೇವೆಯಲ್ಲಿ ನಿರಂತರವಾಗಿ ತೊಡಗಿಸಿಕೊಂಡಿದೆ. ಯುವ ರೆಡ್ ಕ್ರಾಸ್ ಘಟಕದ ವಿದ್ಯಾರ್ಥಿಗಳು ಸ್ವಯಂಸೇವಕರಾಗಿ ಭಾಗವಹಿಸಬೇಕು ಎಂದು ತಿಳಿಸಿದರು. ಶಾಲೆಯ ಮುಖ್ಯೋಪಾಧ್ಯಾಯರು, ಶಿಕ್ಷಕರು ಹಾಗೂ ರೆಡ್ ಕ್ರಾಸ್ ಪದಾಧಿಕಾರಿಗಳು ಉಪಸ್ಥಿತರಿದ್ದರು. ಸಂಸ್ಥೆಯ ಕಾರ್ಯದರ್ಶಿ ಸ್ವಾಗತಿಸಿ, ನಿರ್ದೇಶಕರು ವಂದಿಸಿದರು. ವಿದ್ಯಾರ್ಥಿಗಳಿಗೆ ಆರೋಗ್ಯ ಜಾಗೃತಿ ಕುರಿತು ಉಪನ್ಯಾಸ ನೀಡಲಾಯಿತು. ಗ್ರಾಮೀಣ ಭಾಗದ ಶಾಲೆಗಳಿಗೂ ಸೌಲಭ್ಯ ವಿಸ್ತರಿಸುವುದಾಗಿ ತಿಳಿಸಿದರು.

ಚನ್ನರಾಯಪಟ್ಟಣ: ಭಾರತೀಯ ರೆಡ್ ಕ್ರಾಸ್ ಸಂಸ್ಥೆ ತಾಲೂಕು ಘಟಕ ಚನ್ನರಾಯಪಟ್ಟಣ ಇವರ ವತಿಯಿಂದ ರಾಷ್ಟ್ರೀಯ ವಿಪತ್ತು ನಿರ್ವಹಣೆಯ ಅಂಗವಾಗಿ ಸರ್ಕಾರಿ ಶಾಲೆಗಳಿಗೆ ಪ್ರಥಮ ಚಿಕಿತ್ಸೆ ಪೆಟ್ಟಿಗೆಗಳನ್ನು ಕೊಡುಗೆಯಾಗಿ ನೀಡಲಾಯಿತು. ಈ ಕಾರ್ಯಕ್ರಮವನ್ನು ಶ್ರೀಯುತ ಭರತ್ ಕುಮಾರ್ ಹೆಚ್ ಜಿ ಅವರು ಉದ್ಘಾಟಿಸಿದರು. ವಿದ್ಯಾರ್ಥಿಗಳಿಗೆ ಪ್ರಥಮ ಚಿಕಿತ್ಸೆಯ ಮಹತ್ವ, ಅಪಘಾತ ಸಂದರ್ಭದಲ್ಲಿ ಕೈಗೊಳ್ಳಬೇಕಾದ ಕ್ರಮಗಳ ಕುರಿತು ಮಾಹಿತಿ ನೀಡಲಾಯಿತು. ರೆಡ್ ಕ್ರಾಸ್ ಸಂಸ್ಥೆ ಸಮಾಜ ಸೇವೆಯಲ್ಲಿ ನಿರಂತರವಾಗಿ ತೊಡಗಿಸಿಕೊಂಡಿದೆ. ಯುವ ರೆಡ್ ಕ್ರಾಸ್ ಘಟಕದ ವಿದ್ಯಾರ್ಥಿಗಳು ಸ್ವಯಂಸೇವಕರಾಗಿ ಭಾಗವಹಿಸಬೇಕು ಎಂದು ತಿಳಿಸಿದರು. ಶಾಲೆಯ ಮುಖ್ಯೋಪಾಧ್ಯಾಯರು, ಶಿಕ್ಷಕರು ಹಾಗೂ ರೆಡ್ ಕ್ರಾಸ್ ಪದಾಧಿಕಾರಿಗಳು ಉಪಸ್ಥಿತರಿದ್ದರು. ಸಂಸ್ಥೆಯ ಕಾರ್ಯದರ್ಶಿ ಸ್ವಾಗತಿಸಿ, ನಿರ್ದೇಶಕರು ವಂದಿಸಿದರು. ವಿದ್ಯಾರ್ಥಿಗಳಿಗೆ ಆರೋಗ್ಯ ಜಾಗೃತಿ ಕುರಿತು ಉಪನ್ಯಾಸ ನೀಡಲಾಯಿತು. ಗ್ರಾಮೀಣ ಭಾಗದ ಶಾಲೆಗಳಿಗೂ ಸೌಲಭ್ಯ ವಿಸ್ತರಿಸುವುದಾಗಿ ತಿಳಿಸಿದರು.

ಬೃಹತ್ ರಕ್ತದಾನ ಉಚಿತ ಆರೋಗ್ಯ ತಪಾಸಣೆ ಶಿಬಿರದಲ್ಲಿ ದೇಹ
ಭೀಮ ವಿಜಯ ನ್ಯೂಸ್

ಹಾಸನ: ದಾನದಲ್ಲಿ ಶ್ರೇಷ್ಠವಾದ ರಕ್ತದಾನ ಇದನ್ನು ನೀಡಿದವರ ಆರೋಗ್ಯವೂ ವೃದ್ಧಿಯಾಗುತ್ತದೆ ಹಾಗೂ ಬ್ಬೃಮೃತ್ಯುವಿನ ಜೀವ ಉಳಿಯುತ್ತದೆ ಎಂದು ಶ್ರೀ ಕ್ಷೇತ್ರದ ಮಹಾಸ್ವಾಮೀಜಿ ಶಿಬಿರಕ್ಕೆ ಚಾಲನೆ ನೀಡಿದರು. ಹಳೇಬೀಡು ಸಮೀಪದ ಗ್ರಾಮದಲ್ಲಿ ಚೇತನ್ ಗುರೂಜಿ ಅವರ ಸ್ವಾಭಿಮಾನ ಶ್ರೇಷ್ಠ ರಾಷ್ಟ್ರೀಯ ಸಂಸ್ಥೆ ಹಾಗೂ ರೋಟರಿ ಕ್ಲಬ್, ಲಯನ್ಸ್ ಕ್ಲಬ್ ಸಹಯೋಗದಲ್ಲಿ ಬೃಹತ್ ರಕ್ತದಾನ ಹಾಗೂ ಉಚಿತ ಆರೋಗ್ಯ ತಪಾಸಣೆ ಶಿಬಿರ ಆಯೋಜಿಸಲಾಗಿತ್ತು. ನೂರಾರು ಜನರು ರಕ್ತದಾನ ಮಾಡಿ ಮಾನವೀಯತೆ ಮೆರೆದರು. ಆರೋಗ್ಯಕರ ಸಮಾಜ ನಿರ್ಮಾಣಕ್ಕೆ ಇಂತಹ ಶಿಬಿರಗಳು ಅಗತ್ಯ ಎಂದರು.

ಚೇತನ್ ಗುರೂಜಿಯವರ ರಕ್ತದಾನ ಶಿಬಿರ

ಹಾಸನ: ದಾನದಲ್ಲಿ ಶ್ರೇಷ್ಠವಾದ ರಕ್ತದಾನ ಇದನ್ನು ನೀಡಿದವರ ಆರೋಗ್ಯವೂ ವೃದ್ಧಿಯಾಗುತ್ತದೆ ಹಾಗೂ ಬ್ಬೃಮೃತ್ಯುವಿನ ಜೀವ ಉಳಿಯುತ್ತದೆ ಎಂದು ಶ್ರೀ ಕ್ಷೇತ್ರದ ಮಹಾಸ್ವಾಮೀಜಿ ಶಿಬಿರಕ್ಕೆ ಚಾಲನೆ ನೀಡಿದರು. ಹಳೇಬೀಡು ಸಮೀಪದ ಗ್ರಾಮದಲ್ಲಿ ಚೇತನ್ ಗುರೂಜಿ ಅವರ ಸ್ವಾಭಿಮಾನ ಶ್ರೇಷ್ಠ ರಾಷ್ಟ್ರೀಯ ಸಂಸ್ಥೆ ಹಾಗೂ ರೋಟರಿ ಕ್ಲಬ್, ಲಯನ್ಸ್ ಕ್ಲಬ್ ಸಹಯೋಗದಲ್ಲಿ ಬೃಹತ್ ರಕ್ತದಾನ ಹಾಗೂ ಉಚಿತ ಆರೋಗ್ಯ ತಪಾಸಣೆ ಶಿಬಿರ ಆಯೋಜಿಸಲಾಗಿತ್ತು. ನೂರಾರು ಜನರು ರಕ್ತದಾನ ಮಾಡಿ ಮಾನವೀಯತೆ ಮೆರೆದರು. ಆರೋಗ್ಯಕರ ಸಮಾಜ

ಈ ಪುಣ್ಯ ಕಾರ್ಯದಲ್ಲಿ ಭಾಗವಹಿಸಿದ ಎಲ್ಲಾ ದಾನಿಗಳಿಗೆ ಅಭಿನಂದನೆ ಸಲ್ಲಿಸಲಾಯಿತು. ವೈದ್ಯರ ತಂಡ ಗ್ರಾಮಸ್ಥರ ಆರೋಗ್ಯ ತಪಾಸಣೆ ನಡೆಸಿ ಉಚಿತ ಔಷಧಿ ವಿತರಿಸಿತು. ಕಣ್ಣಿನ ತಪಾಸಣೆ, ರಕ್ತದೊತ್ತಡ, ಮಧುಮೇಹ ಪರೀಕ್ಷೆ ನಡೆಸಲಾಯಿತು. ದೇಹದಾನ ಮಾಡುವ ಸಂಕಲ್ಪ ಕೈಗೊಂಡ ದಾನಿಗಳನ್ನು ಗೌರವಿಸಲಾಯಿತು. ದೇಹದಾನದಿಂದ ವೈದ್ಯಕೀಯ ವಿದ್ಯಾರ್ಥಿಗಳ ಕಲಿಕೆಗೆ ಸಹಾಯವಾಗುತ್ತದೆ. ಕಾರ್ಯಕ್ರಮದಲ್ಲಿ ಗ್ರಾಮ ಪಂಚಾಯಿತಿ ಅಧ್ಯಕ್ಷರು, ಸದಸ್ಯರು, ಶಿಕ್ಷಕರು ಹಾಗೂ ಗ್ರಾಮಸ್ಥರು ಭಾಗವಹಿಸಿದ್ದರು. ಸಂಸ್ಥೆಯ ಪದಾಧಿಕಾರಿಗಳಾದ ಶಿವಕುಮಾರ್, ಮಂಜುನಾಥ್, ಪ್ರವೀಣ್, ನವೀನ್ ಉಪಸ್ಥಿತರಿದ್ದರು.
